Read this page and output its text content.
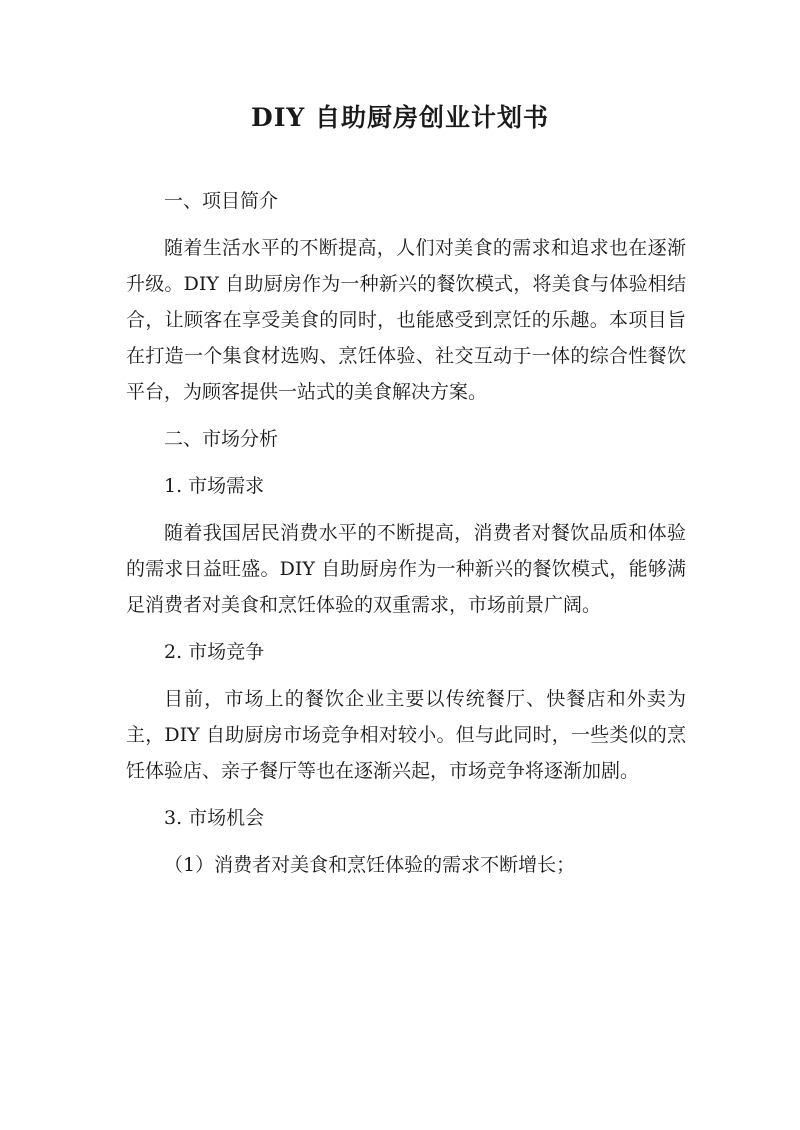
DIY 自助厨房创业计划书

一、项目简介

随着生活水平的不断提高，人们对美食的需求和追求也在逐渐升级。DIY 自助厨房作为一种新兴的餐饮模式，将美食与体验相结合，让顾客在享受美食的同时，也能感受到烹饪的乐趣。本项目旨在打造一个集食材选购、烹饪体验、社交互动于一体的综合性餐饮平台，为顾客提供一站式的美食解决方案。

二、市场分析

1. 市场需求

随着我国居民消费水平的不断提高，消费者对餐饮品质和体验的需求日益旺盛。DIY 自助厨房作为一种新兴的餐饮模式，能够满足消费者对美食和烹饪体验的双重需求，市场前景广阔。

2. 市场竞争

目前，市场上的餐饮企业主要以传统餐厅、快餐店和外卖为主，DIY 自助厨房市场竞争相对较小。但与此同时，一些类似的烹饪体验店、亲子餐厅等也在逐渐兴起，市场竞争将逐渐加剧。

3. 市场机会

（1）消费者对美食和烹饪体验的需求不断增长；
